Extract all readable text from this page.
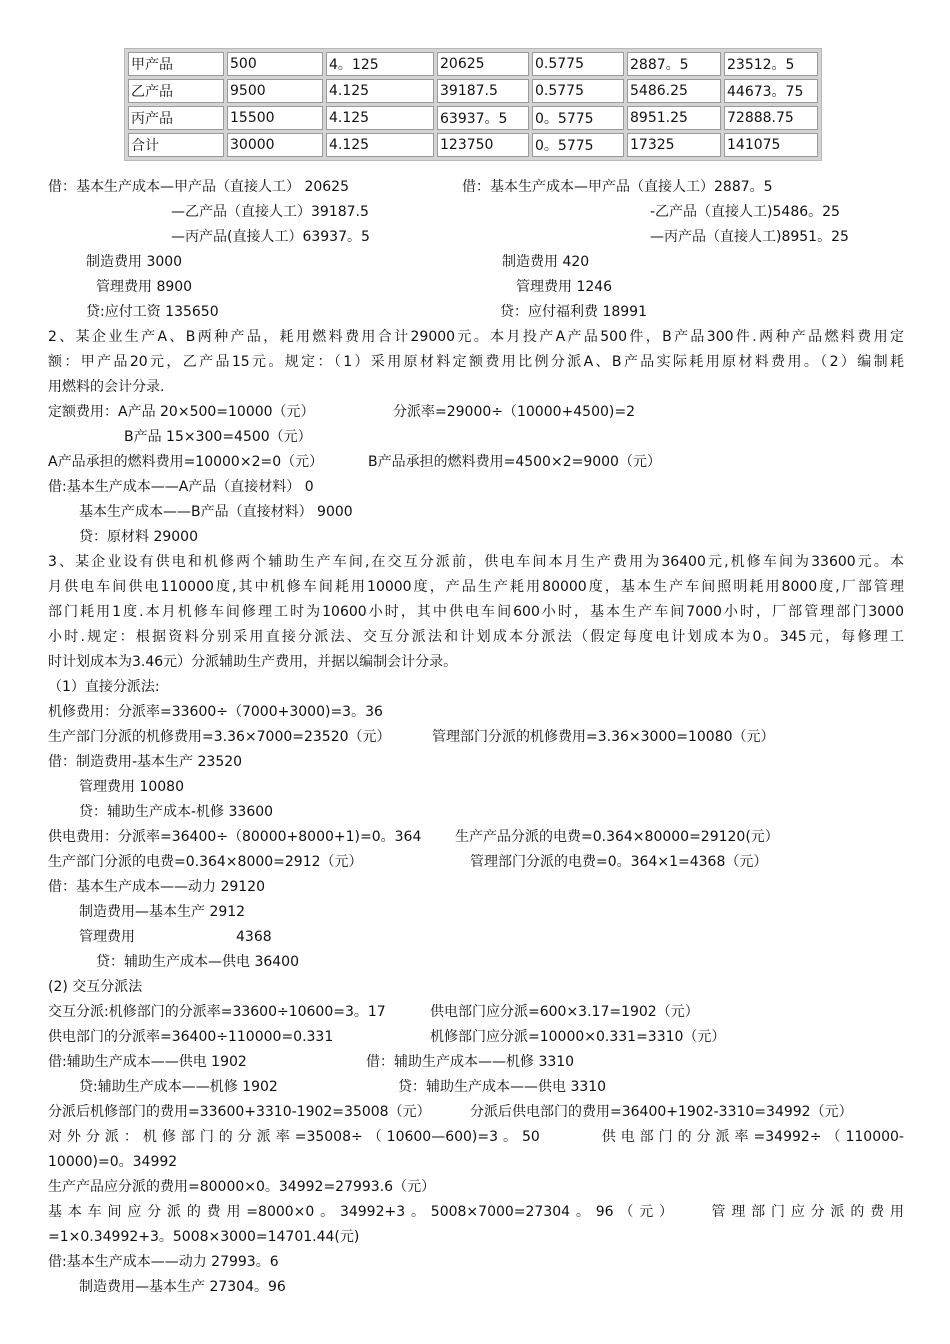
甲产品	500	4。125	20625	0.5775	2887。5	23512。5
乙产品	9500	4.125	39187.5	0.5775	5486.25	44673。75
丙产品	15500	4.125	63937。5	0。5775	8951.25	72888.75
合计	30000	4.125	123750	0。5775	17325	141075
借：基本生产成本—甲产品（直接人工） 20625	借：基本生产成本—甲产品（直接人工）2887。5
—乙产品（直接人工）39187.5	-乙产品（直接人工)5486。25
—丙产品(直接人工）63937。5	—丙产品（直接人工)8951。25
制造费用 3000	制造费用 420
管理费用 8900	管理费用 1246
贷:应付工资 135650	贷：应付福利费 18991
2、某企业生产A、B两种产品，耗用燃料费用合计29000元。本月投产A产品500件，B产品300件.两种产品燃料费用定
额：甲产品20元，乙产品15元。规定：（1）采用原材料定额费用比例分派A、B产品实际耗用原材料费用。（2）编制耗
用燃料的会计分录.
定额费用：A产品 20×500=10000（元）	分派率=29000÷（10000+4500)=2
B产品 15×300=4500（元）
A产品承担的燃料费用=10000×2=0（元）	B产品承担的燃料费用=4500×2=9000（元）
借:基本生产成本——A产品（直接材料） 0
基本生产成本——B产品（直接材料） 9000
贷：原材料 29000
3、某企业设有供电和机修两个辅助生产车间,在交互分派前，供电车间本月生产费用为36400元,机修车间为33600元。本
月供电车间供电110000度,其中机修车间耗用10000度，产品生产耗用80000度，基本生产车间照明耗用8000度,厂部管理
部门耗用1度.本月机修车间修理工时为10600小时，其中供电车间600小时，基本生产车间7000小时，厂部管理部门3000
小时.规定：根据资料分别采用直接分派法、交互分派法和计划成本分派法（假定每度电计划成本为0。345元，每修理工
时计划成本为3.46元）分派辅助生产费用，并据以编制会计分录。
（1）直接分派法:
机修费用：分派率=33600÷（7000+3000)=3。36
生产部门分派的机修费用=3.36×7000=23520（元）	管理部门分派的机修费用=3.36×3000=10080（元）
借：制造费用-基本生产 23520
管理费用 10080
贷：辅助生产成本-机修 33600
供电费用：分派率=36400÷（80000+8000+1)=0。364 生产产品分派的电费=0.364×80000=29120(元）
生产部门分派的电费=0.364×8000=2912（元）	管理部门分派的电费=0。364×1=4368（元）
借：基本生产成本——动力 29120
制造费用—基本生产 2912
管理费用	4368
贷：辅助生产成本—供电 36400
(2) 交互分派法
交互分派:机修部门的分派率=33600÷10600=3。17	供电部门应分派=600×3.17=1902（元）
供电部门的分派率=36400÷110000=0.331	机修部门应分派=10000×0.331=3310（元）
借:辅助生产成本——供电 1902	借：辅助生产成本——机修 3310
贷:辅助生产成本——机修 1902	贷：辅助生产成本——供电 3310
分派后机修部门的费用=33600+3310-1902=35008（元）	分派后供电部门的费用=36400+1902-3310=34992（元）
对外分派：机修部门的分派率=35008÷（10600—600)=3。50　　　供电部门的分派率=34992÷（110000-
10000)=0。34992
生产产品应分派的费用=80000×0。34992=27993.6（元）
基本车间应分派的费用=8000×0。34992+3。5008×7000=27304。96（元）　　管理部门应分派的费用
=1×0.34992+3。5008×3000=14701.44(元)
借:基本生产成本——动力 27993。6
制造费用—基本生产 27304。96
